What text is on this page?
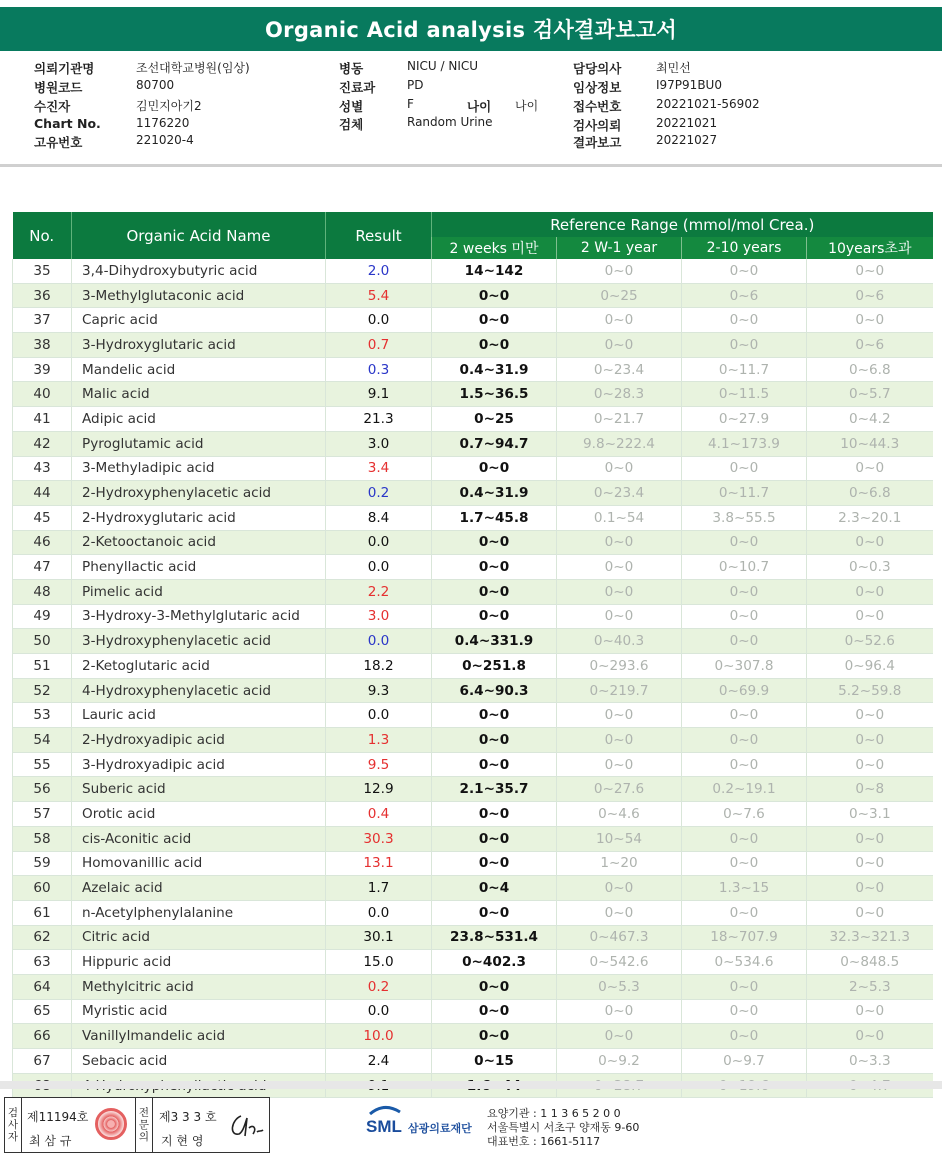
Organic Acid analysis 검사결과보고서
의뢰기관명	조선대학교병원(임상)
병원코드	80700
수진자	김민지아기2
Chart No.	1176220
고유번호	221020-4
병동	NICU / NICU
진료과	PD
성별	F	나이 나이
검체	Random Urine
담당의사	최민선
임상정보	I97P91BU0
접수번호	20221021-56902
검사의뢰	20221021
결과보고	20221027
No.	Organic Acid Name	Result	Reference Range (mmol/mol Crea.)			
			2 weeks 미만	2 W-1 year	2-10 years	10years초과
35	3,4-Dihydroxybutyric acid	2.0	14~142	0~0	0~0	0~0
36	3-Methylglutaconic acid	5.4	0~0	0~25	0~6	0~6
37	Capric acid	0.0	0~0	0~0	0~0	0~0
38	3-Hydroxyglutaric acid	0.7	0~0	0~0	0~0	0~6
39	Mandelic acid	0.3	0.4~31.9	0~23.4	0~11.7	0~6.8
40	Malic acid	9.1	1.5~36.5	0~28.3	0~11.5	0~5.7
41	Adipic acid	21.3	0~25	0~21.7	0~27.9	0~4.2
42	Pyroglutamic acid	3.0	0.7~94.7	9.8~222.4	4.1~173.9	10~44.3
43	3-Methyladipic acid	3.4	0~0	0~0	0~0	0~0
44	2-Hydroxyphenylacetic acid	0.2	0.4~31.9	0~23.4	0~11.7	0~6.8
45	2-Hydroxyglutaric acid	8.4	1.7~45.8	0.1~54	3.8~55.5	2.3~20.1
46	2-Ketooctanoic acid	0.0	0~0	0~0	0~0	0~0
47	Phenyllactic acid	0.0	0~0	0~0	0~10.7	0~0.3
48	Pimelic acid	2.2	0~0	0~0	0~0	0~0
49	3-Hydroxy-3-Methylglutaric acid	3.0	0~0	0~0	0~0	0~0
50	3-Hydroxyphenylacetic acid	0.0	0.4~331.9	0~40.3	0~0	0~52.6
51	2-Ketoglutaric acid	18.2	0~251.8	0~293.6	0~307.8	0~96.4
52	4-Hydroxyphenylacetic acid	9.3	6.4~90.3	0~219.7	0~69.9	5.2~59.8
53	Lauric acid	0.0	0~0	0~0	0~0	0~0
54	2-Hydroxyadipic acid	1.3	0~0	0~0	0~0	0~0
55	3-Hydroxyadipic acid	9.5	0~0	0~0	0~0	0~0
56	Suberic acid	12.9	2.1~35.7	0~27.6	0.2~19.1	0~8
57	Orotic acid	0.4	0~0	0~4.6	0~7.6	0~3.1
58	cis-Aconitic acid	30.3	0~0	10~54	0~0	0~0
59	Homovanillic acid	13.1	0~0	1~20	0~0	0~0
60	Azelaic acid	1.7	0~4	0~0	1.3~15	0~0
61	n-Acetylphenylalanine	0.0	0~0	0~0	0~0	0~0
62	Citric acid	30.1	23.8~531.4	0~467.3	18~707.9	32.3~321.3
63	Hippuric acid	15.0	0~402.3	0~542.6	0~534.6	0~848.5
64	Methylcitric acid	0.2	0~0	0~5.3	0~0	2~5.3
65	Myristic acid	0.0	0~0	0~0	0~0	0~0
66	Vanillylmandelic acid	10.0	0~0	0~0	0~0	0~0
67	Sebacic acid	2.4	0~15	0~9.2	0~9.7	0~3.3

검
사
자
제11194호
최 삼 규
전
문
의
제3 3 3 호
지 현 영
SML 삼광의료재단
요양기관 : 1 1 3 6 5 2 0 0
서울특별시 서초구 양재동 9-60
대표번호 : 1661-5117
